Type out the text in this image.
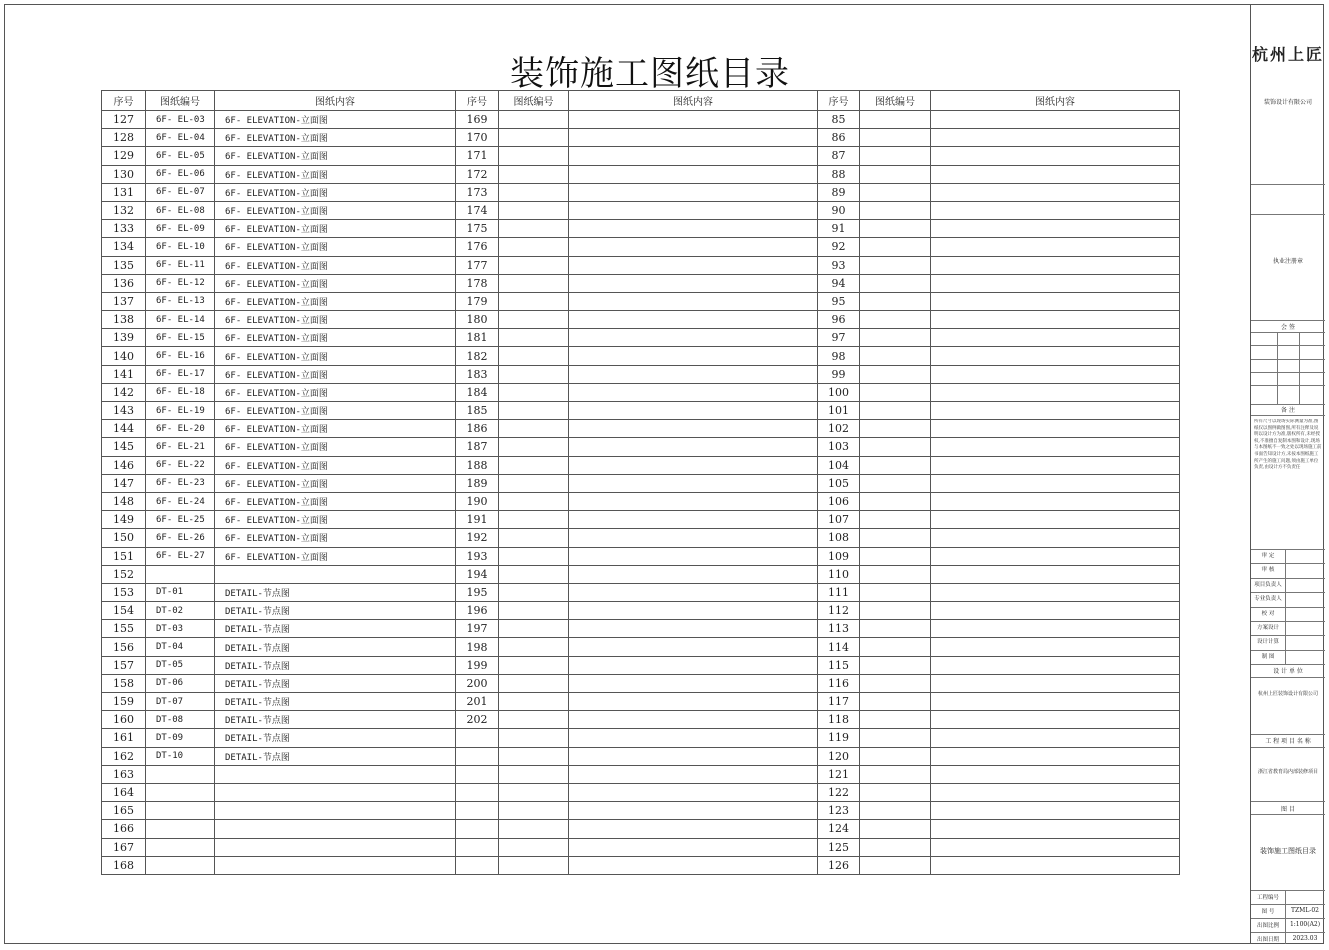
装饰施工图纸目录
序号	图纸编号	图纸内容
127	6F- EL-03	6F- ELEVATION-立面图
128	6F- EL-04	6F- ELEVATION-立面图
129	6F- EL-05	6F- ELEVATION-立面图
130	6F- EL-06	6F- ELEVATION-立面图
131	6F- EL-07	6F- ELEVATION-立面图
132	6F- EL-08	6F- ELEVATION-立面图
133	6F- EL-09	6F- ELEVATION-立面图
134	6F- EL-10	6F- ELEVATION-立面图
135	6F- EL-11	6F- ELEVATION-立面图
136	6F- EL-12	6F- ELEVATION-立面图
137	6F- EL-13	6F- ELEVATION-立面图
138	6F- EL-14	6F- ELEVATION-立面图
139	6F- EL-15	6F- ELEVATION-立面图
140	6F- EL-16	6F- ELEVATION-立面图
141	6F- EL-17	6F- ELEVATION-立面图
142	6F- EL-18	6F- ELEVATION-立面图
143	6F- EL-19	6F- ELEVATION-立面图
144	6F- EL-20	6F- ELEVATION-立面图
145	6F- EL-21	6F- ELEVATION-立面图
146	6F- EL-22	6F- ELEVATION-立面图
147	6F- EL-23	6F- ELEVATION-立面图
148	6F- EL-24	6F- ELEVATION-立面图
149	6F- EL-25	6F- ELEVATION-立面图
150	6F- EL-26	6F- ELEVATION-立面图
151	6F- EL-27	6F- ELEVATION-立面图
152		
153	DT-01	DETAIL-节点图
154	DT-02	DETAIL-节点图
155	DT-03	DETAIL-节点图
156	DT-04	DETAIL-节点图
157	DT-05	DETAIL-节点图
158	DT-06	DETAIL-节点图
159	DT-07	DETAIL-节点图
160	DT-08	DETAIL-节点图
161	DT-09	DETAIL-节点图
162	DT-10	DETAIL-节点图
163		
164		
165		
166		
167		
168		
序号	图纸编号	图纸内容
169		
170		
171		
172		
173		
174		
175		
176		
177		
178		
179		
180		
181		
182		
183		
184		
185		
186		
187		
188		
189		
190		
191		
192		
193		
194		
195		
196		
197		
198		
199		
200		
201		
202		

序号	图纸编号	图纸内容
85		
86		
87		
88		
89		
90		
91		
92		
93		
94		
95		
96		
97		
98		
99		
100		
101		
102		
103		
104		
105		
106		
107		
108		
109		
110		
111		
112		
113		
114		
115		
116		
117		
118		
119		
120		
121		
122		
123		
124		
125		
126		
杭州上匠
装饰设计有限公司
执业注册章
会 签
备 注
所有尺寸以现场实际测量为准,图纸仅以图例做图图,所有注释及说明以设计方为准,版权所有,未经授权,不准擅自复制本图和设计,现场与本图纸不一致之处以现场施工前书面告知设计方,未按本图纸施工所产生的施工问题,须由施工单位负责,由设计方不负责任
审 定
审 核
项目负责人
专业负责人
校 对
方案设计
设计计算
制 图
设 计 单 位
杭州上匠装饰设计有限公司
工 程 项 目 名 称
浙江省教育局内部装修项目
图 目
装饰施工图纸目录
工程编号
图 号	TZML-02
出图比例	1:100(A2)
出图日期	2023.03
